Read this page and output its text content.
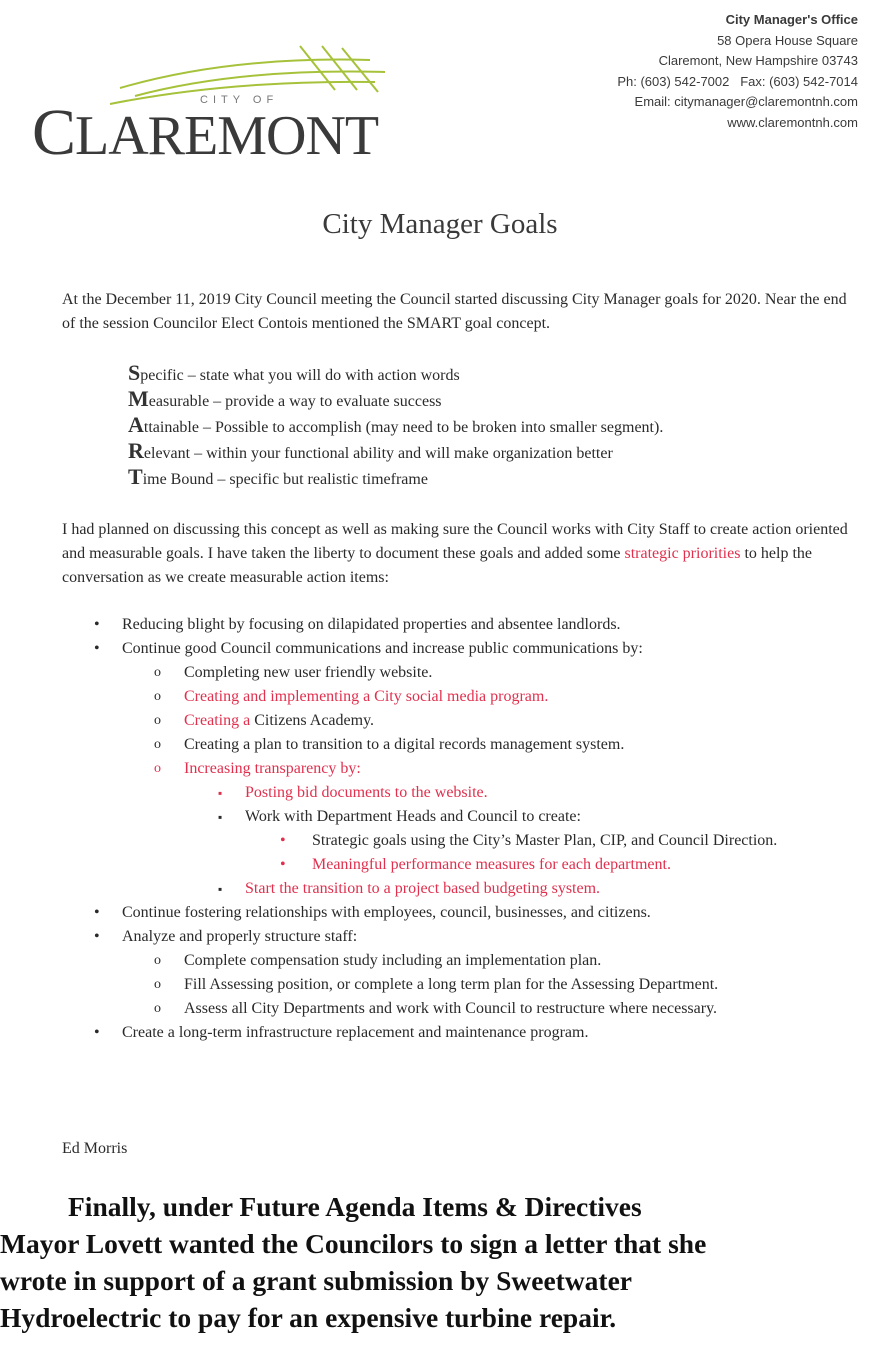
CITY OF
CLAREMONT
City Manager's Office
58 Opera House Square
Claremont, New Hampshire 03743
Ph: (603) 542-7002   Fax: (603) 542-7014
Email: citymanager@claremontnh.com
www.claremontnh.com
City Manager Goals
At the December 11, 2019 City Council meeting the Council started discussing City Manager goals for 2020. Near the end of the session Councilor Elect Contois mentioned the SMART goal concept.
Specific – state what you will do with action words
Measurable – provide a way to evaluate success
Attainable – Possible to accomplish (may need to be broken into smaller segment).
Relevant – within your functional ability and will make organization better
Time Bound – specific but realistic timeframe
I had planned on discussing this concept as well as making sure the Council works with City Staff to create action oriented and measurable goals. I have taken the liberty to document these goals and added some strategic priorities to help the conversation as we create measurable action items:
• Reducing blight by focusing on dilapidated properties and absentee landlords.
• Continue good Council communications and increase public communications by:
o Completing new user friendly website.
o Creating and implementing a City social media program.
o Creating a Citizens Academy.
o Creating a plan to transition to a digital records management system.
o Increasing transparency by:
▪ Posting bid documents to the website.
▪ Work with Department Heads and Council to create:
• Strategic goals using the City’s Master Plan, CIP, and Council Direction.
• Meaningful performance measures for each department.
▪ Start the transition to a project based budgeting system.
• Continue fostering relationships with employees, council, businesses, and citizens.
• Analyze and properly structure staff:
o Complete compensation study including an implementation plan.
o Fill Assessing position, or complete a long term plan for the Assessing Department.
o Assess all City Departments and work with Council to restructure where necessary.
• Create a long-term infrastructure replacement and maintenance program.
Ed Morris
Finally, under Future Agenda Items & Directives
Mayor Lovett wanted the Councilors to sign a letter that she
wrote in support of a grant submission by Sweetwater
Hydroelectric to pay for an expensive turbine repair.
